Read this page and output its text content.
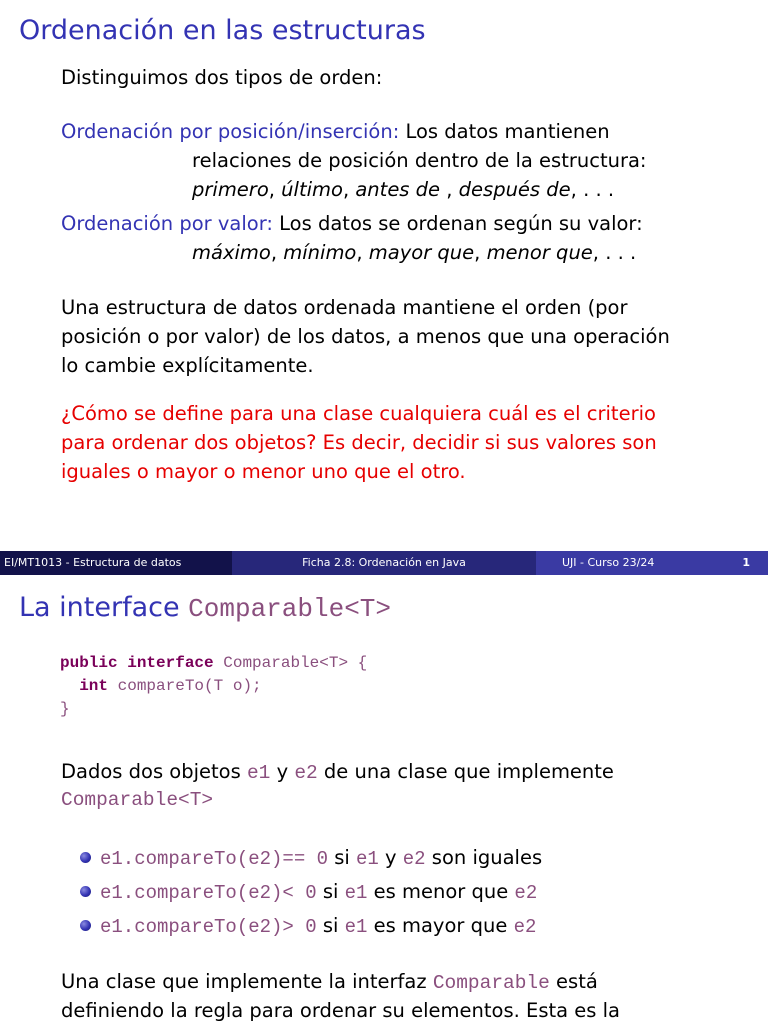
Ordenación en las estructuras

Distinguimos dos tipos de orden:

Ordenación por posición/inserción: Los datos mantienen

relaciones de posición dentro de la estructura:

primero, último, antes de , después de, . . .

Ordenación por valor: Los datos se ordenan según su valor:

máximo, mínimo, mayor que, menor que, . . .

Una estructura de datos ordenada mantiene el orden (por

posición o por valor) de los datos, a menos que una operación

lo cambie explícitamente.

¿Cómo se define para una clase cualquiera cuál es el criterio

para ordenar dos objetos? Es decir, decidir si sus valores son

iguales o mayor o menor uno que el otro.

EI/MT1013 - Estructura de datos	Ficha 2.8: Ordenación en Java	UJI - Curso 23/24	1
La interface Comparable<T>
public interface Comparable<T> {
int compareTo(T o);
}

Dados dos objetos e1 y e2 de una clase que implemente

Comparable<T>

e1.compareTo(e2)== 0 si e1 y e2 son iguales
e1.compareTo(e2)< 0 si e1 es menor que e2
e1.compareTo(e2)> 0 si e1 es mayor que e2

Una clase que implemente la interfaz Comparable está

definiendo la regla para ordenar su elementos. Esta es la
